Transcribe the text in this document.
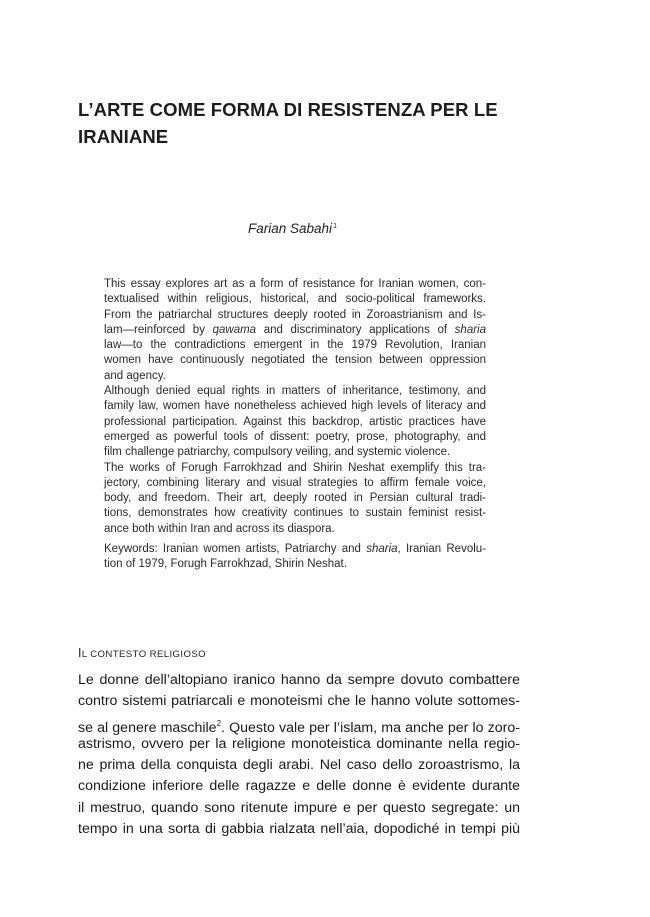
L’ARTE COME FORMA DI RESISTENZA PER LE
IRANIANE
Farian Sabahi$^1$
This essay explores art as a form of resistance for Iranian women, con-
textualised within religious, historical, and socio-political frameworks.
From the patriarchal structures deeply rooted in Zoroastrianism and Is-
lam—reinforced by qawama and discriminatory applications of sharia
law—to the contradictions emergent in the 1979 Revolution, Iranian
women have continuously negotiated the tension between oppression
and agency.
Although denied equal rights in matters of inheritance, testimony, and
family law, women have nonetheless achieved high levels of literacy and
professional participation. Against this backdrop, artistic practices have
emerged as powerful tools of dissent: poetry, prose, photography, and
film challenge patriarchy, compulsory veiling, and systemic violence.
The works of Forugh Farrokhzad and Shirin Neshat exemplify this tra-
jectory, combining literary and visual strategies to affirm female voice,
body, and freedom. Their art, deeply rooted in Persian cultural tradi-
tions, demonstrates how creativity continues to sustain feminist resist-
ance both within Iran and across its diaspora.
Keywords: Iranian women artists, Patriarchy and sharia, Iranian Revolu-
tion of 1979, Forugh Farrokhzad, Shirin Neshat.
IL CONTESTO RELIGIOSO
Le donne dell’altopiano iranico hanno da sempre dovuto combattere
contro sistemi patriarcali e monoteismi che le hanno volute sottomes-
se al genere maschile$^2$. Questo vale per l’islam, ma anche per lo zoro-
astrismo, ovvero per la religione monoteistica dominante nella regio-
ne prima della conquista degli arabi. Nel caso dello zoroastrismo, la
condizione inferiore delle ragazze e delle donne è evidente durante
il mestruo, quando sono ritenute impure e per questo segregate: un
tempo in una sorta di gabbia rialzata nell’aia, dopodiché in tempi più
